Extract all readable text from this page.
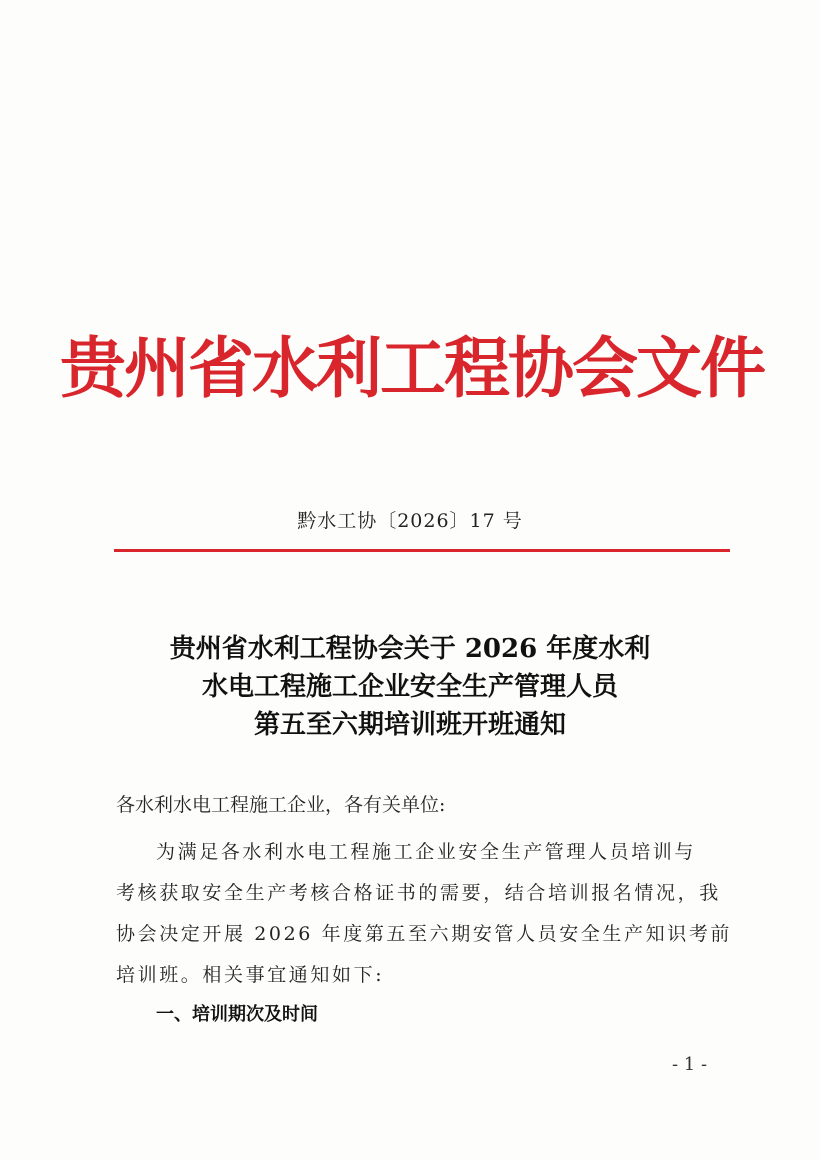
贵州省水利工程协会文件
黔水工协〔2026〕17 号
贵州省水利工程协会关于 2026 年度水利
水电工程施工企业安全生产管理人员
第五至六期培训班开班通知
各水利水电工程施工企业，各有关单位:
为满足各水利水电工程施工企业安全生产管理人员培训与
考核获取安全生产考核合格证书的需要，结合培训报名情况，我
协会决定开展 2026 年度第五至六期安管人员安全生产知识考前
培训班。相关事宜通知如下:
一、培训期次及时间
- 1 -
